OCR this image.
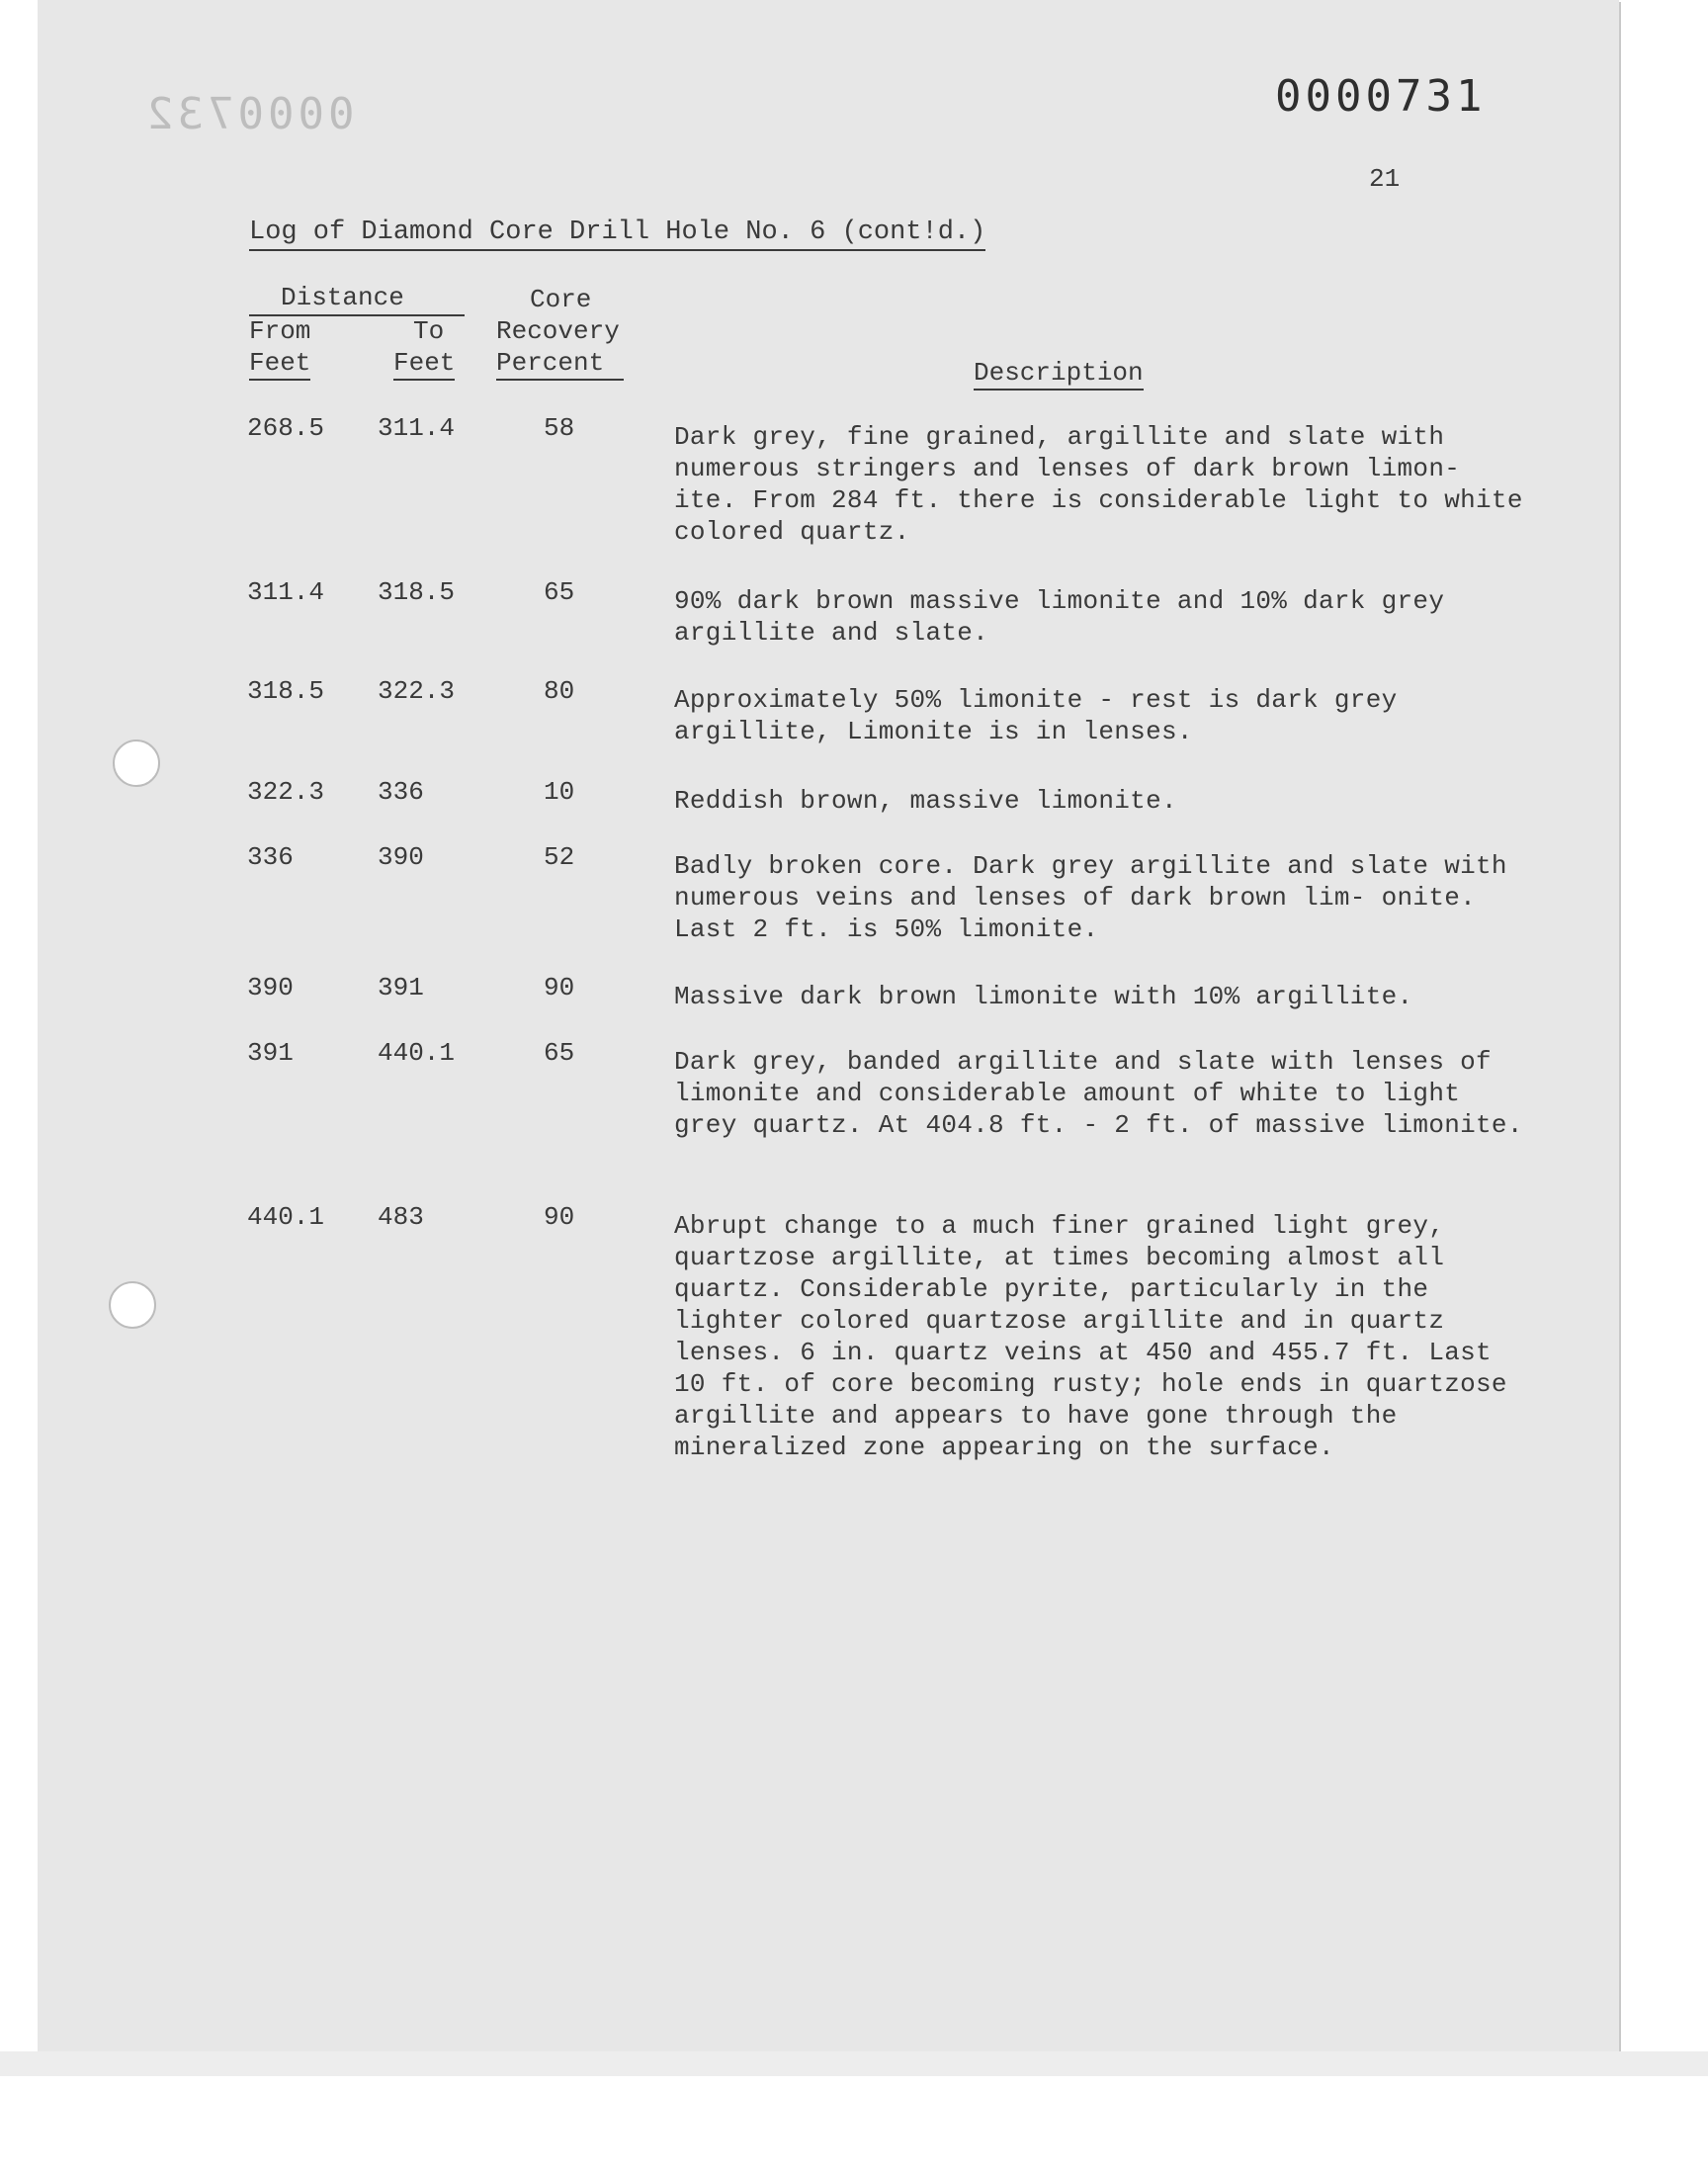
0000732	0000731
21
Log of Diamond Core Drill Hole No. 6 (cont!d.)
Distance
From	To
Feet	Feet
Core
Recovery
Percent	Description
268.5 311.4	58	Dark grey, fine grained, argillite and slate with numerous stringers and lenses of dark brown limon- ite. From 284 ft. there is considerable light to white colored quartz.
311.4 318.5	65	90% dark brown massive limonite and 10% dark grey argillite and slate.
318.5 322.3	80	Approximately 50% limonite - rest is dark grey argillite, Limonite is in lenses.
322.3 336	10	Reddish brown, massive limonite.
336	390	52	Badly broken core. Dark grey argillite and slate with numerous veins and lenses of dark brown lim- onite. Last 2 ft. is 50% limonite.
390	391	90	Massive dark brown limonite with 10% argillite.
391	440.1	65	Dark grey, banded argillite and slate with lenses of limonite and considerable amount of white to light grey quartz. At 404.8 ft. - 2 ft. of massive limonite.
440.1 483	90	Abrupt change to a much finer grained light grey, quartzose argillite, at times becoming almost all quartz. Considerable pyrite, particularly in the lighter colored quartzose argillite and in quartz lenses. 6 in. quartz veins at 450 and 455.7 ft. Last 10 ft. of core becoming rusty; hole ends in quartzose argillite and appears to have gone through the mineralized zone appearing on the surface.
